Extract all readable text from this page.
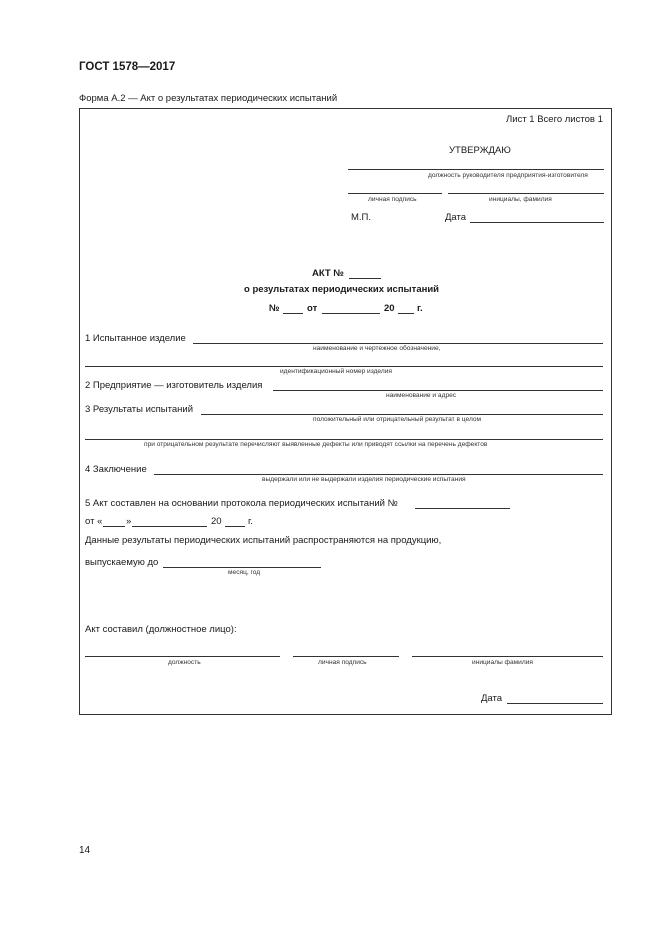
ГОСТ 1578—2017
Форма А.2 — Акт о результатах периодических испытаний
Лист 1 Всего листов 1
УТВЕРЖДАЮ
должность руководителя предприятия-изготовителя
личная подпись	инициалы, фамилия
М.П.	Дата
АКТ №
о результатах периодических испытаний
№	от	20 г.
1 Испытанное изделие
наименование и чертежное обозначение,
идентификационный номер изделия
2 Предприятие — изготовитель изделия
наименование и адрес
3 Результаты испытаний
положительный или отрицательный результат в целом
при отрицательном результате перечисляют выявленные дефекты или приводят ссылки на перечень дефектов
4 Заключение
выдержали или не выдержали изделия периодические испытания
5 Акт составлен на основании протокола периодических испытаний №
от « »	20	г.
Данные результаты периодических испытаний распространяются на продукцию,
выпускаемую до
месяц, год
Акт составил (должностное лицо):
должность	личная подпись	инициалы фамилия
Дата
14
